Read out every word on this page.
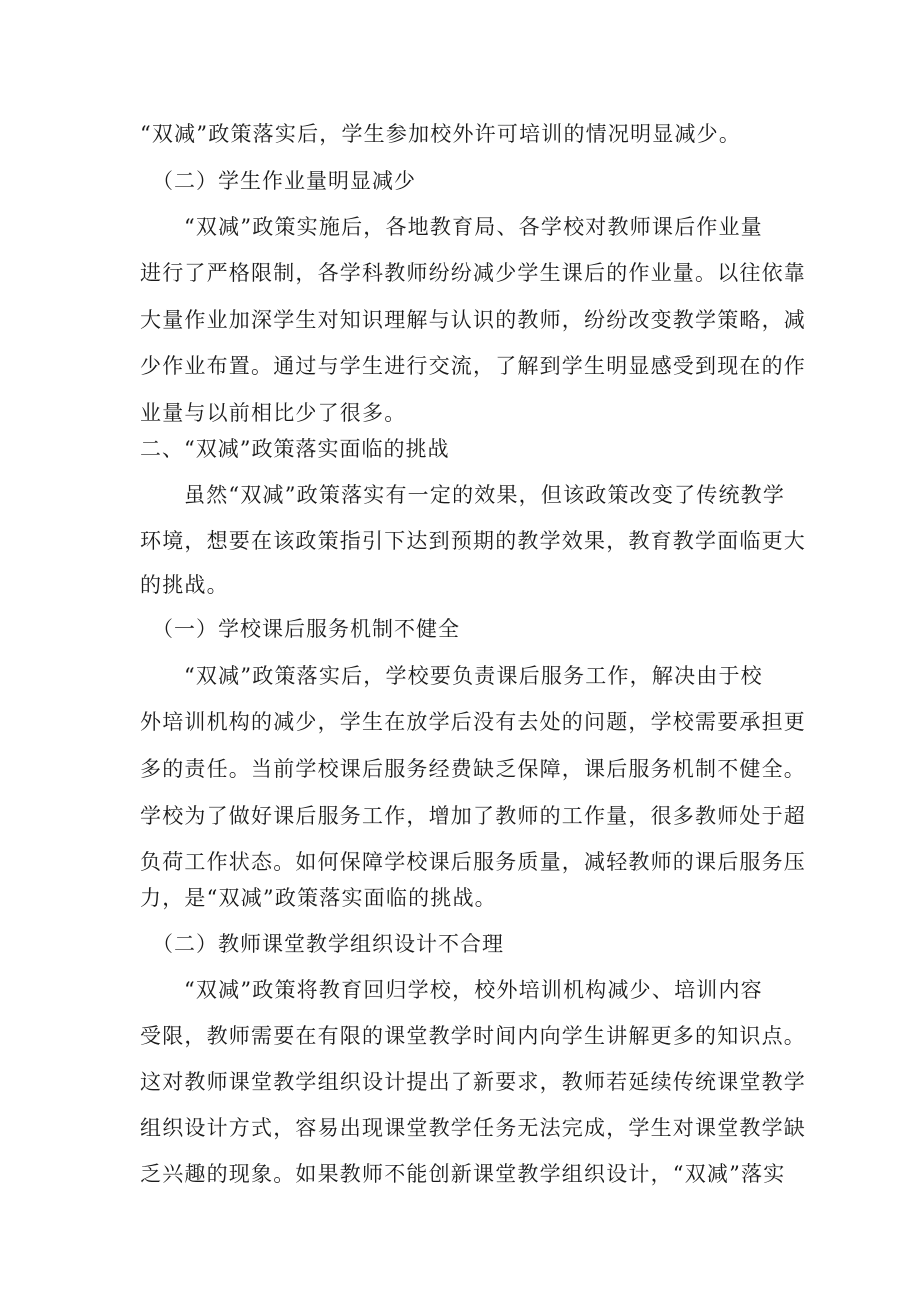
“双减”政策落实后，学生参加校外许可培训的情况明显减少。
（二）学生作业量明显减少
“双减”政策实施后，各地教育局、各学校对教师课后作业量
进行了严格限制，各学科教师纷纷减少学生课后的作业量。以往依靠
大量作业加深学生对知识理解与认识的教师，纷纷改变教学策略，减
少作业布置。通过与学生进行交流，了解到学生明显感受到现在的作
业量与以前相比少了很多。
二、“双减”政策落实面临的挑战
虽然“双减”政策落实有一定的效果，但该政策改变了传统教学
环境，想要在该政策指引下达到预期的教学效果，教育教学面临更大
的挑战。
（一）学校课后服务机制不健全
“双减”政策落实后，学校要负责课后服务工作，解决由于校
外培训机构的减少，学生在放学后没有去处的问题，学校需要承担更
多的责任。当前学校课后服务经费缺乏保障，课后服务机制不健全。
学校为了做好课后服务工作，增加了教师的工作量，很多教师处于超
负荷工作状态。如何保障学校课后服务质量，减轻教师的课后服务压
力，是“双减”政策落实面临的挑战。
（二）教师课堂教学组织设计不合理
“双减”政策将教育回归学校，校外培训机构减少、培训内容
受限，教师需要在有限的课堂教学时间内向学生讲解更多的知识点。
这对教师课堂教学组织设计提出了新要求，教师若延续传统课堂教学
组织设计方式，容易出现课堂教学任务无法完成，学生对课堂教学缺
乏兴趣的现象。如果教师不能创新课堂教学组织设计，“双减”落实
